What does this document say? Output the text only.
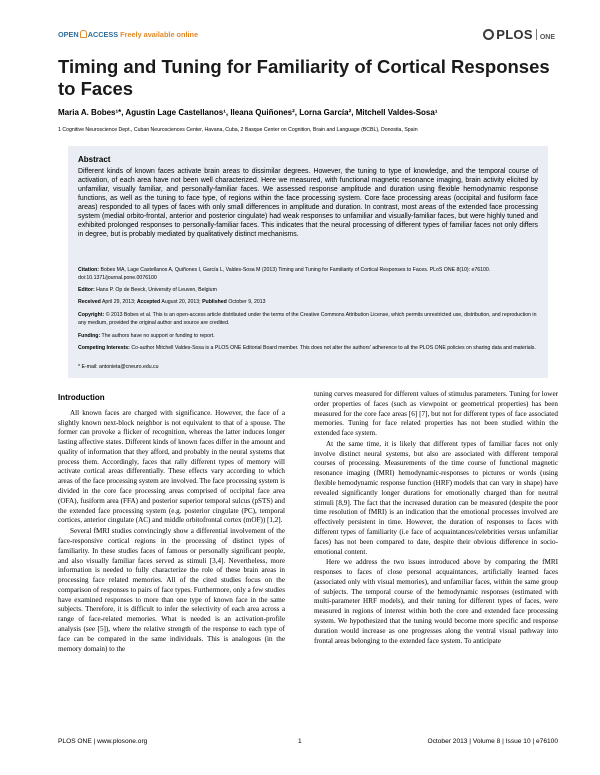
OPEN ACCESS Freely available online	PLOS ONE
Timing and Tuning for Familiarity of Cortical Responses to Faces
Maria A. Bobes¹*, Agustin Lage Castellanos¹, Ileana Quiñones², Lorna García², Mitchell Valdes-Sosa¹
1 Cognitive Neuroscience Dept., Cuban Neurosciences Center, Havana, Cuba, 2 Basque Center on Cognition, Brain and Language (BCBL), Donostia, Spain
Abstract

Different kinds of known faces activate brain areas to dissimilar degrees. However, the tuning to type of knowledge, and the temporal course of activation, of each area have not been well characterized. Here we measured, with functional magnetic resonance imaging, brain activity elicited by unfamiliar, visually familiar, and personally-familiar faces. We assessed response amplitude and duration using flexible hemodynamic response functions, as well as the tuning to face type, of regions within the face processing system. Core face processing areas (occipital and fusiform face areas) responded to all types of faces with only small differences in amplitude and duration. In contrast, most areas of the extended face processing system (medial orbito-frontal, anterior and posterior cingulate) had weak responses to unfamiliar and visually-familiar faces, but were highly tuned and exhibited prolonged responses to personally-familiar faces. This indicates that the neural processing of different types of familiar faces not only differs in degree, but is probably mediated by qualitatively distinct mechanisms.

Citation: Bobes MA, Lage Castellanos A, Quiñones I, García L, Valdes-Sosa M (2013) Timing and Tuning for Familiarity of Cortical Responses to Faces. PLoS ONE 8(10): e76100. doi:10.1371/journal.pone.0076100
Editor: Hans P. Op de Beeck, University of Leuven, Belgium
Received April 29, 2013; Accepted August 20, 2013; Published October 9, 2013
Copyright: © 2013 Bobes et al. This is an open-access article distributed under the terms of the Creative Commons Attribution License, which permits unrestricted use, distribution, and reproduction in any medium, provided the original author and source are credited.
Funding: The authors have no support or funding to report.
Competing Interests: Co-author Mitchell Valdes-Sosa is a PLOS ONE Editorial Board member. This does not alter the authors' adherence to all the PLOS ONE policies on sharing data and materials.
* E-mail: antonieta@cneuro.edu.cu
Introduction

All known faces are charged with significance. However, the face of a slightly known next-block neighbor is not equivalent to that of a spouse. The former can provoke a flicker of recognition, whereas the latter induces longer lasting affective states. Different kinds of known faces differ in the amount and quality of information that they afford, and probably in the neural systems that process them. Accordingly, faces that rally different types of memory will activate cortical areas differentially. These effects vary according to which areas of the face processing system are involved. The face processing system is divided in the core face processing areas comprised of occipital face area (OFA), fusiform area (FFA) and posterior superior temporal sulcus (pSTS) and the extended face processing system (e.g. posterior cingulate (PC), temporal cortices, anterior cingulate (AC) and middle orbitofrontal cortex (mOF)) [1,2].

Several fMRI studies convincingly show a differential involvement of the face-responsive cortical regions in the processing of distinct types of familiarity. In these studies faces of famous or personally significant people, and also visually familiar faces served as stimuli [3,4]. Nevertheless, more information is needed to fully characterize the role of these brain areas in processing face related memories. All of the cited studies focus on the comparison of responses to pairs of face types. Furthermore, only a few studies have examined responses to more than one type of known face in the same subjects. Therefore, it is difficult to infer the selectivity of each area across a range of face-related memories. What is needed is an activation-profile analysis (see [5]), where the relative strength of the response to each type of face can be compared in the same individuals. This is analogous (in the memory domain) to the

tuning curves measured for different values of stimulus parameters. Tuning for lower order properties of faces (such as viewpoint or geometrical properties) has been measured for the core face areas [6] [7], but not for different types of face associated memories. Tuning for face related properties has not been studied within the extended face system.

At the same time, it is likely that different types of familiar faces not only involve distinct neural systems, but also are associated with different temporal courses of processing. Measurements of the time course of functional magnetic resonance imaging (fMRI) hemodynamic-responses to pictures or words (using flexible hemodynamic response function (HRF) models that can vary in shape) have revealed significantly longer durations for emotionally charged than for neutral stimuli [8,9]. The fact that the increased duration can be measured (despite the poor time resolution of fMRI) is an indication that the emotional processes involved are effectively persistent in time. However, the duration of responses to faces with different types of familiarity (i.e face of acquaintances/celebrities versus unfamiliar faces) has not been compared to date, despite their obvious difference in socio-emotional content.

Here we address the two issues introduced above by comparing the fMRI responses to faces of close personal acquaintances, artificially learned faces (associated only with visual memories), and unfamiliar faces, within the same group of subjects. The temporal course of the hemodynamic responses (estimated with multi-parameter HRF models), and their tuning for different types of faces, were measured in regions of interest within both the core and extended face processing system. We hypothesized that the tuning would become more specific and response duration would increase as one progresses along the ventral visual pathway into frontal areas belonging to the extended face system. To anticipate

PLOS ONE | www.plosone.org	1	October 2013 | Volume 8 | Issue 10 | e76100
